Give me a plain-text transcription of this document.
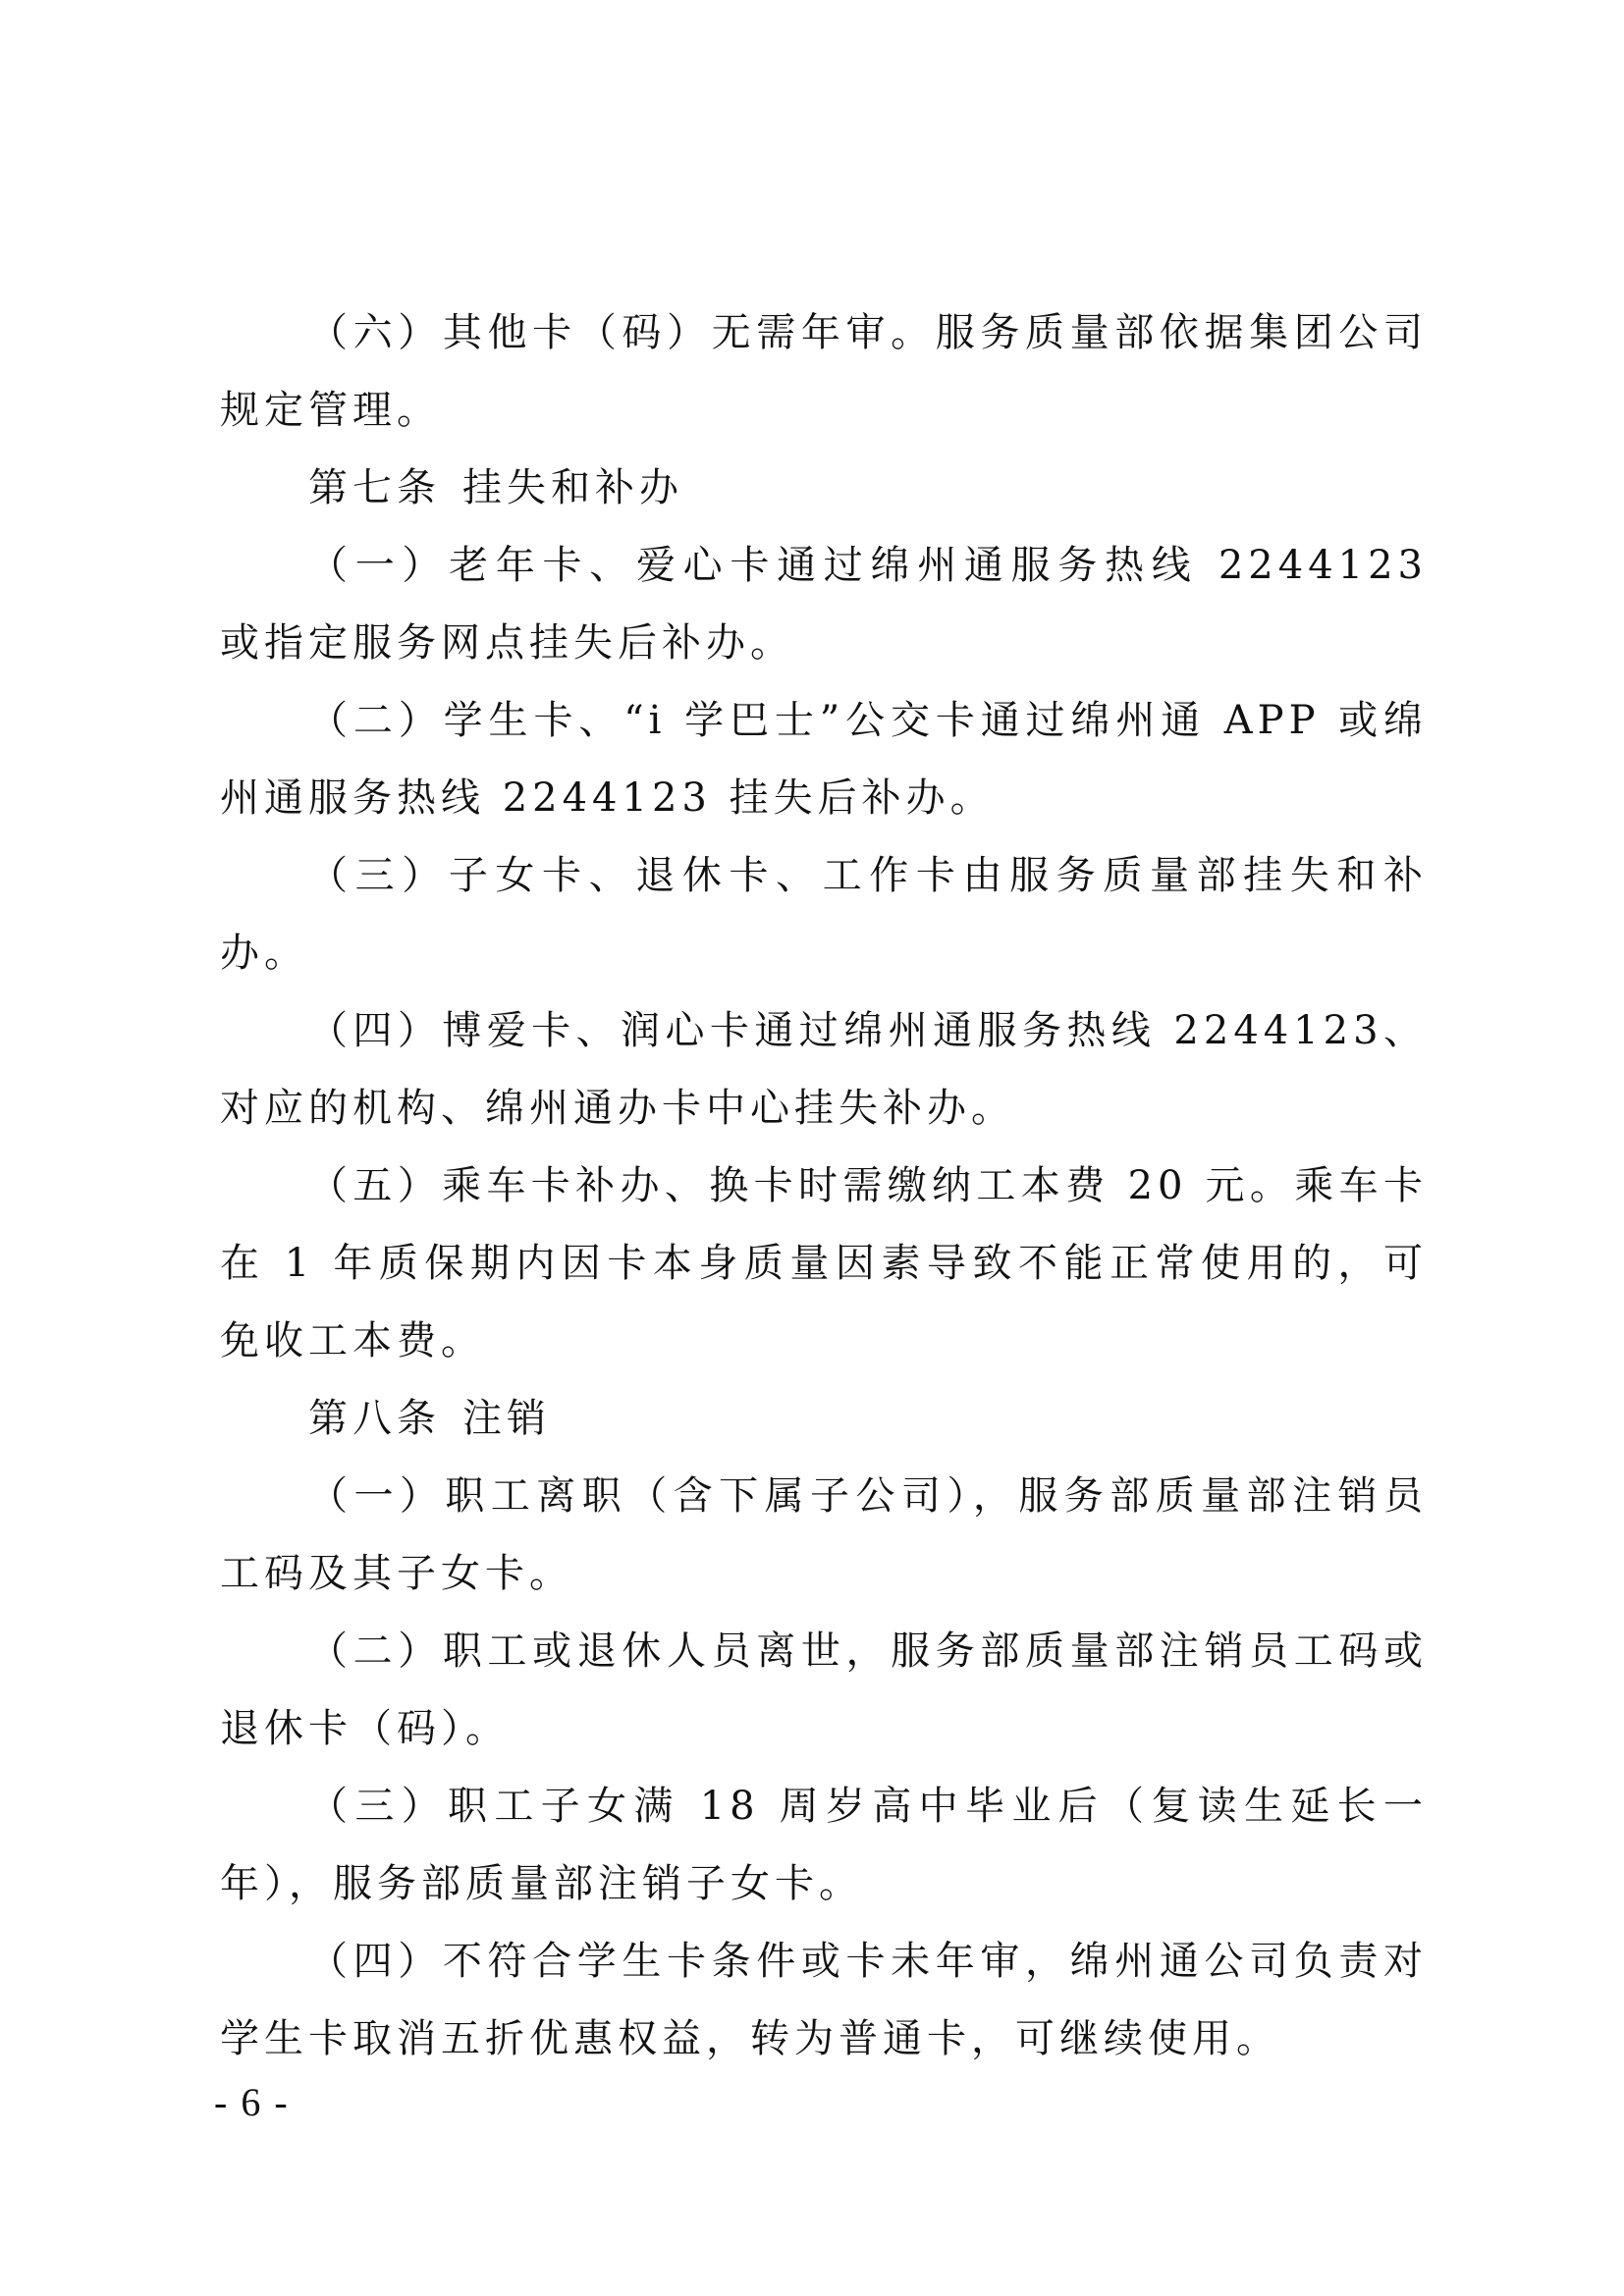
（六）其他卡（码）无需年审。服务质量部依据集团公司规定管理。

第七条 挂失和补办

（一）老年卡、爱心卡通过绵州通服务热线 2244123 或指定服务网点挂失后补办。

（二）学生卡、“i 学巴士”公交卡通过绵州通 APP 或绵州通服务热线 2244123 挂失后补办。

（三）子女卡、退休卡、工作卡由服务质量部挂失和补办。

（四）博爱卡、润心卡通过绵州通服务热线 2244123、对应的机构、绵州通办卡中心挂失补办。

（五）乘车卡补办、换卡时需缴纳工本费 20 元。乘车卡在 1 年质保期内因卡本身质量因素导致不能正常使用的，可免收工本费。

第八条 注销

（一）职工离职（含下属子公司），服务部质量部注销员工码及其子女卡。

（二）职工或退休人员离世，服务部质量部注销员工码或退休卡（码）。

（三）职工子女满 18 周岁高中毕业后（复读生延长一年），服务部质量部注销子女卡。

（四）不符合学生卡条件或卡未年审，绵州通公司负责对学生卡取消五折优惠权益，转为普通卡，可继续使用。

- 6 -
